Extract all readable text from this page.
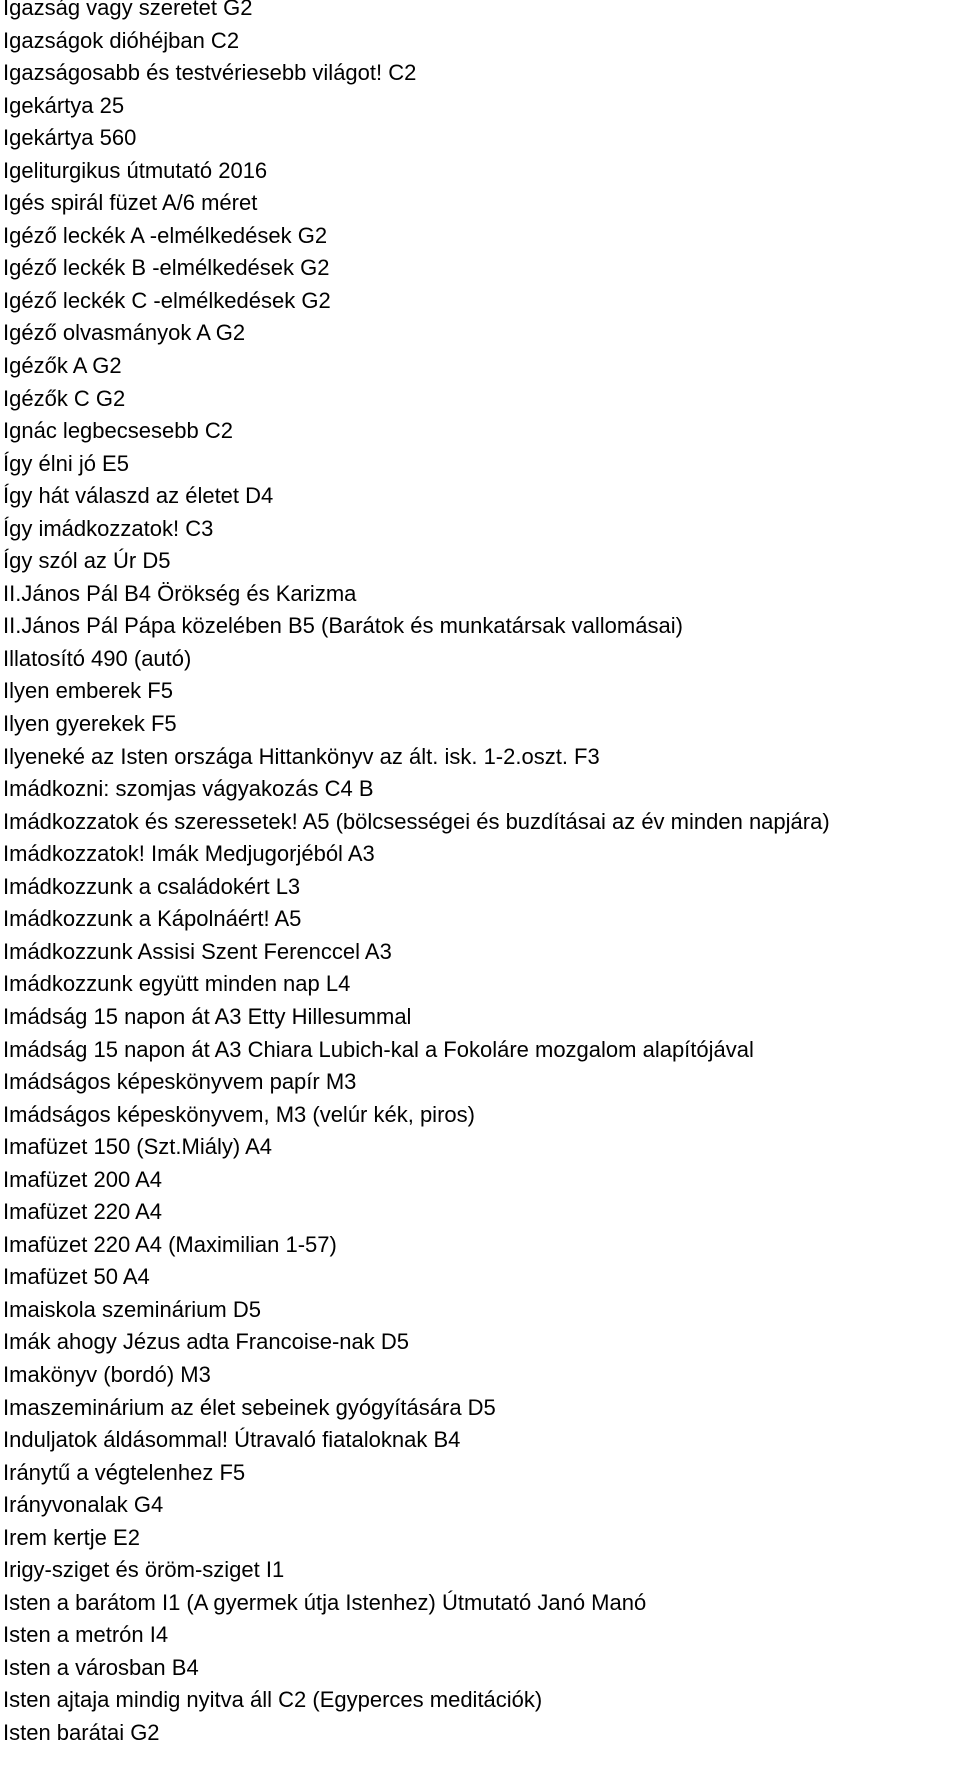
Igazság vagy szeretet G2
Igazságok dióhéjban C2
Igazságosabb és testvériesebb világot! C2
Igekártya 25
Igekártya 560
Igeliturgikus útmutató 2016
Igés spirál füzet A/6 méret
Igéző leckék A -elmélkedések G2
Igéző leckék B -elmélkedések G2
Igéző leckék C -elmélkedések G2
Igéző olvasmányok A G2
Igézők A G2
Igézők C G2
Ignác legbecsesebb C2
Így élni jó E5
Így hát válaszd az életet D4
Így imádkozzatok! C3
Így szól az Úr D5
II.János Pál B4 Örökség és Karizma
II.János Pál Pápa közelében B5 (Barátok és munkatársak vallomásai)
Illatosító 490 (autó)
Ilyen emberek F5
Ilyen gyerekek F5
Ilyeneké az Isten országa Hittankönyv az ált. isk. 1-2.oszt. F3
Imádkozni: szomjas vágyakozás C4 B
Imádkozzatok és szeressetek! A5 (bölcsességei és buzdításai az év minden napjára)
Imádkozzatok! Imák Medjugorjéból A3
Imádkozzunk a családokért L3
Imádkozzunk a Kápolnáért! A5
Imádkozzunk Assisi Szent Ferenccel A3
Imádkozzunk együtt minden nap L4
Imádság 15 napon át A3 Etty Hillesummal
Imádság 15 napon át A3 Chiara Lubich-kal a Fokoláre mozgalom alapítójával
Imádságos képeskönyvem papír M3
Imádságos képeskönyvem, M3 (velúr kék, piros)
Imafüzet 150 (Szt.Miály) A4
Imafüzet 200 A4
Imafüzet 220 A4
Imafüzet 220 A4 (Maximilian 1-57)
Imafüzet 50 A4
Imaiskola szeminárium D5
Imák ahogy Jézus adta Francoise-nak D5
Imakönyv (bordó) M3
Imaszeminárium az élet sebeinek gyógyítására D5
Induljatok áldásommal! Útravaló fiataloknak B4
Iránytű a végtelenhez F5
Irányvonalak G4
Irem kertje E2
Irigy-sziget és öröm-sziget I1
Isten a barátom I1 (A gyermek útja Istenhez) Útmutató Janó Manó
Isten a metrón I4
Isten a városban B4
Isten ajtaja mindig nyitva áll C2 (Egyperces meditációk)
Isten barátai G2
